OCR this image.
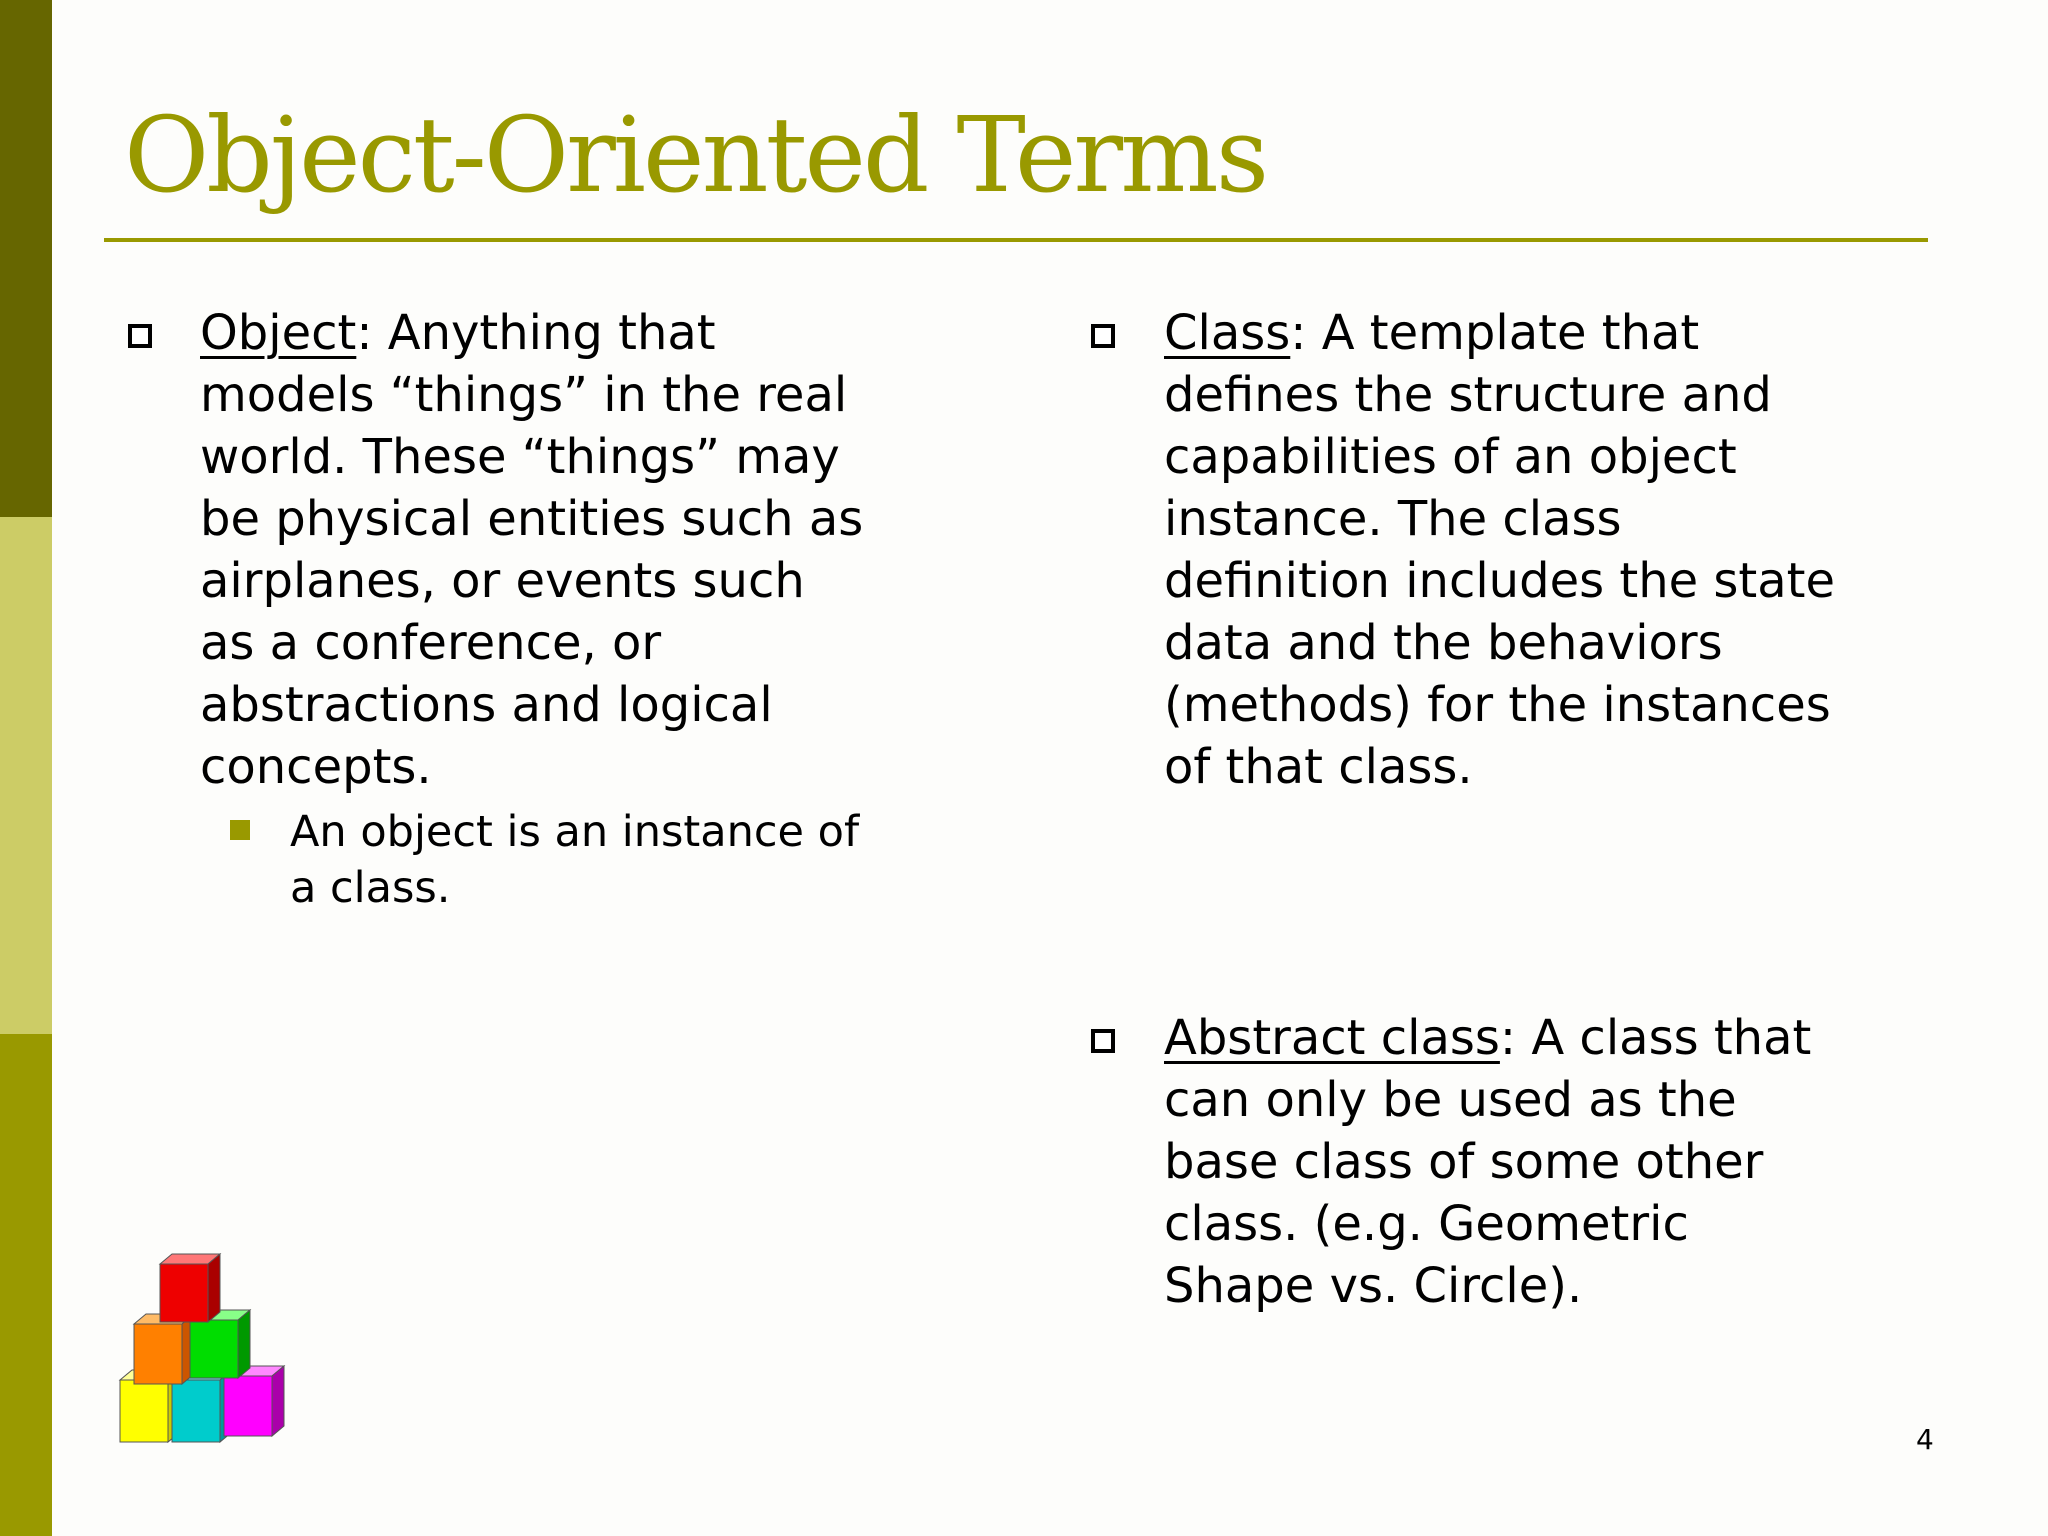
Object-Oriented Terms
Object: Anything that
models “things” in the real
world. These “things” may
be physical entities such as
airplanes, or events such
as a conference, or
abstractions and logical
concepts.
An object is an instance of
a class.
Class: A template that
defines the structure and
capabilities of an object
instance. The class
definition includes the state
data and the behaviors
(methods) for the instances
of that class.
Abstract class: A class that
can only be used as the
base class of some other
class. (e.g. Geometric
Shape vs. Circle).
4
